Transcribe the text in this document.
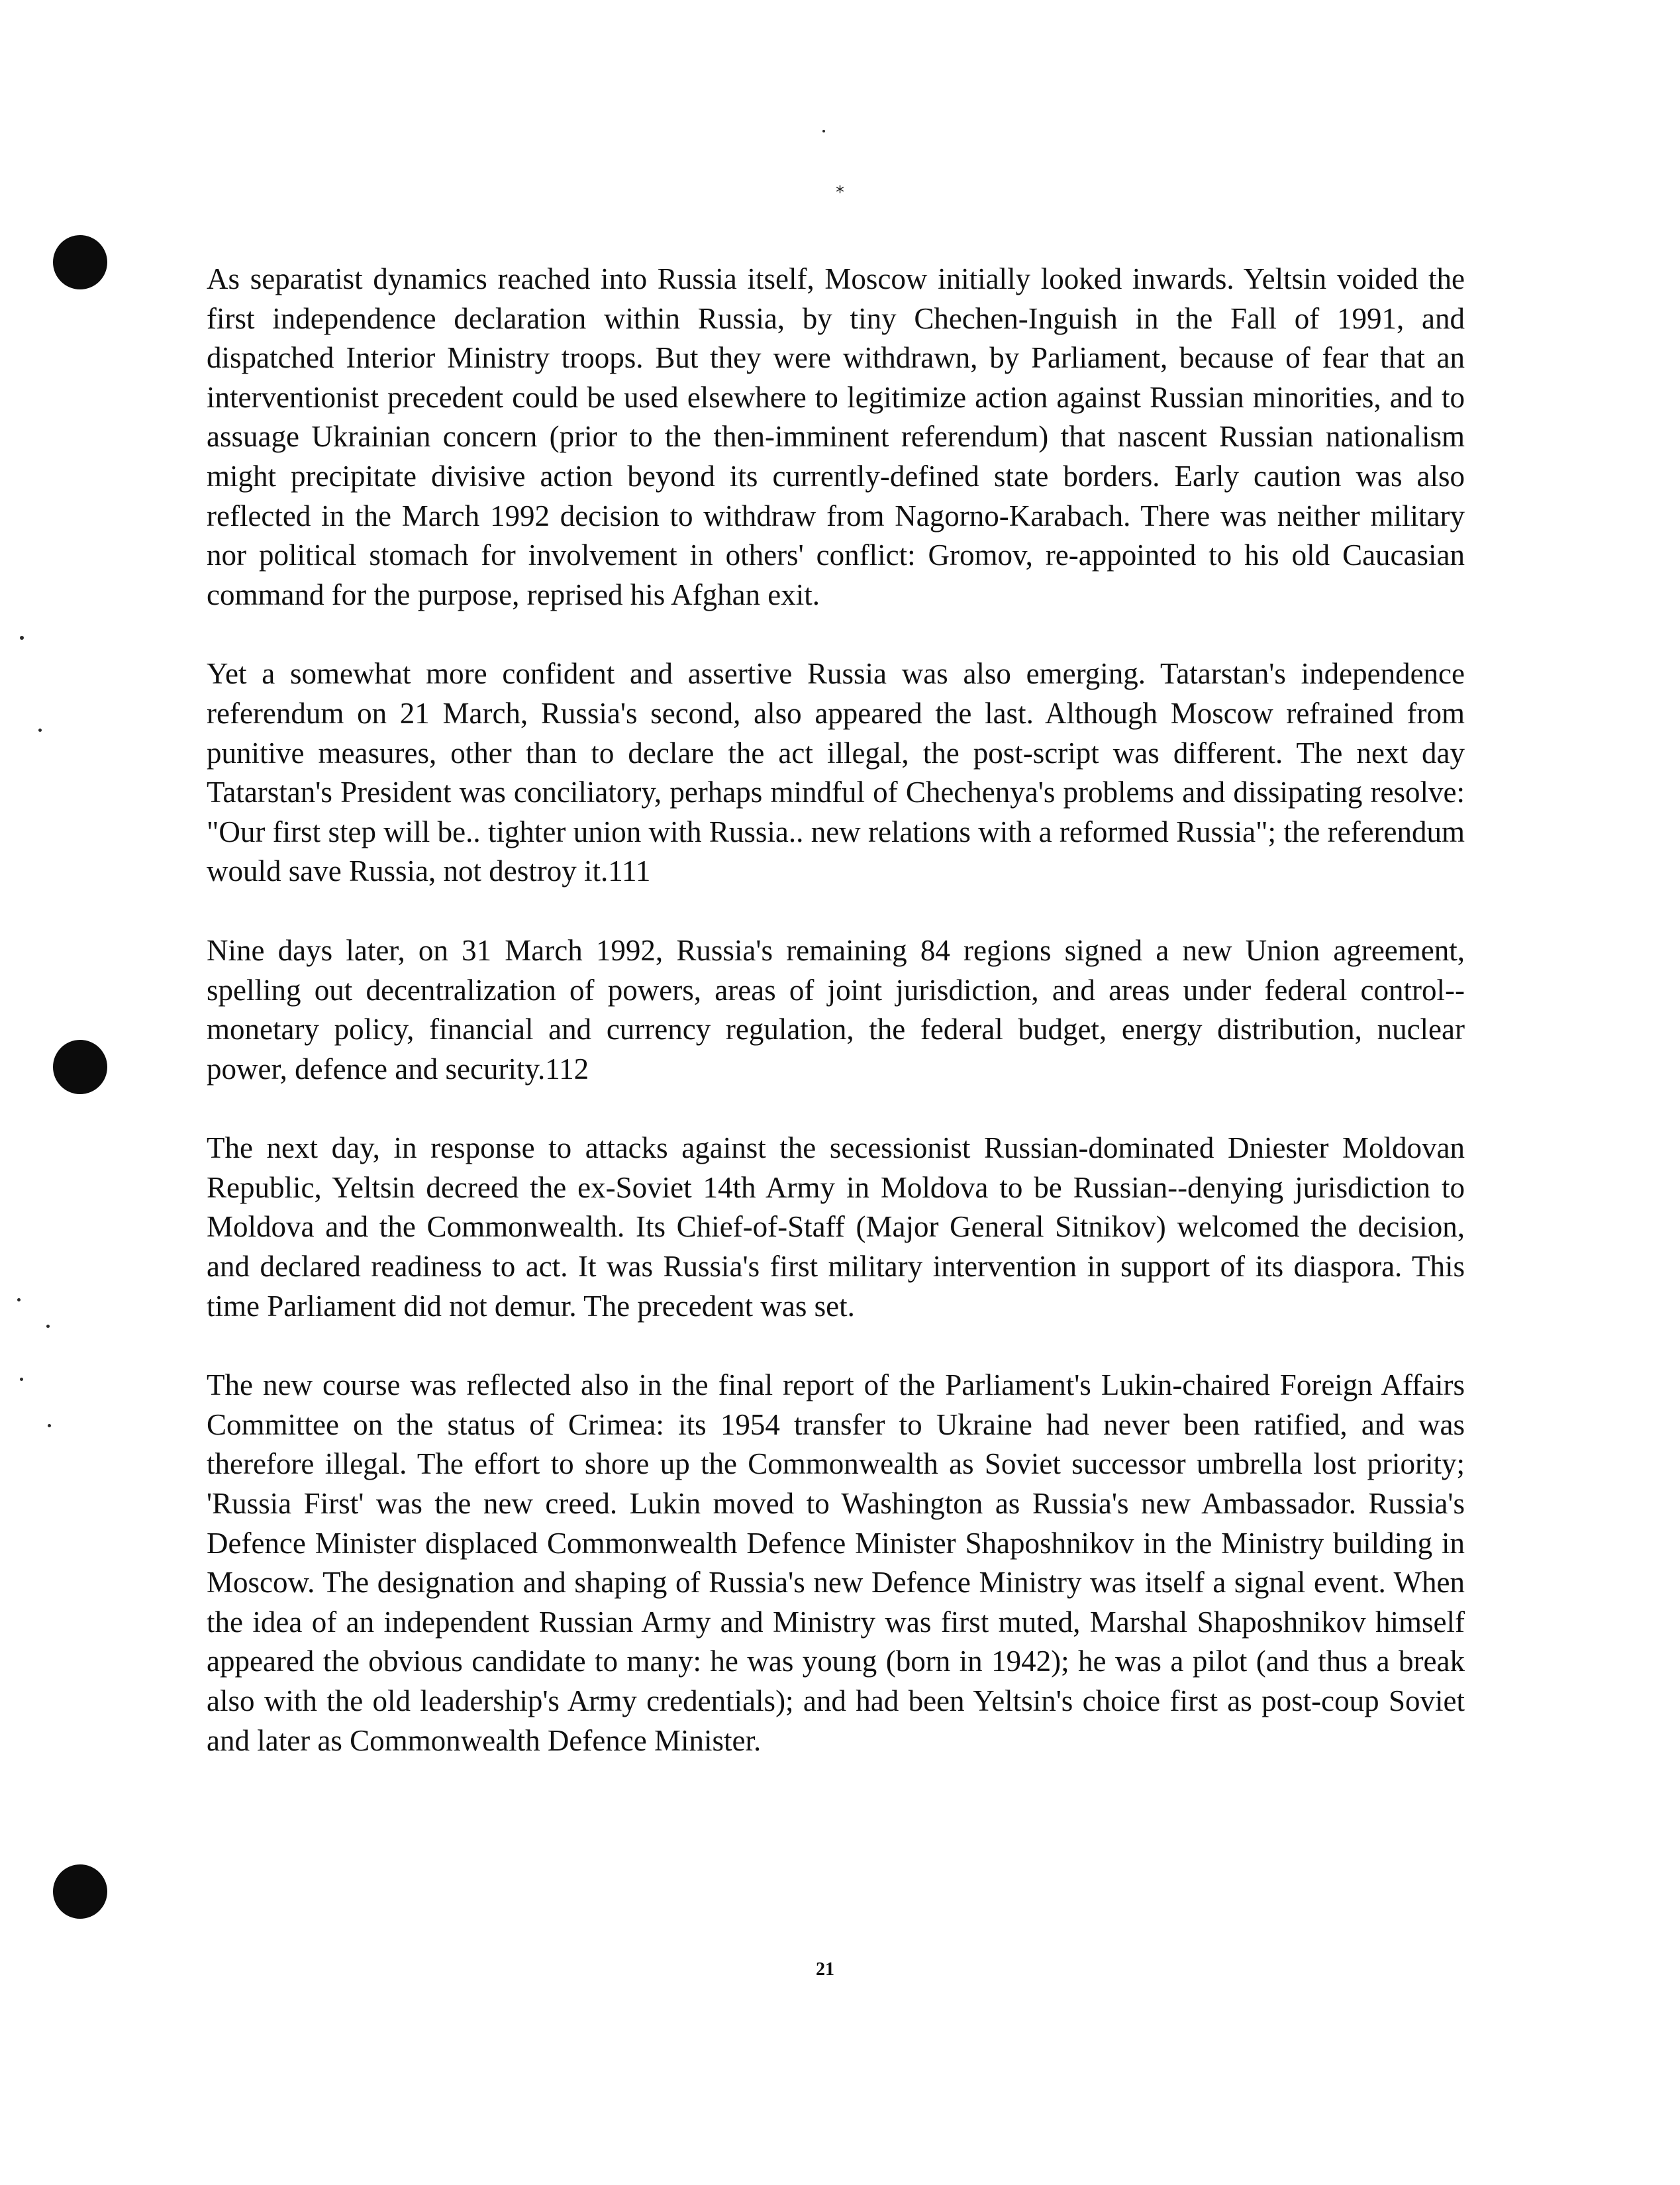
*

As separatist dynamics reached into Russia itself, Moscow initially looked inwards. Yeltsin voided the first independence declaration within Russia, by tiny Chechen-Inguish in the Fall of 1991, and dispatched Interior Ministry troops. But they were withdrawn, by Parliament, because of fear that an interventionist precedent could be used elsewhere to legitimize action against Russian minorities, and to assuage Ukrainian concern (prior to the then-imminent referendum) that nascent Russian nationalism might precipitate divisive action beyond its currently-defined state borders. Early caution was also reflected in the March 1992 decision to withdraw from Nagorno-Karabach. There was neither military nor political stomach for involvement in others' conflict: Gromov, re-appointed to his old Caucasian command for the purpose, reprised his Afghan exit.

Yet a somewhat more confident and assertive Russia was also emerging. Tatarstan's independence referendum on 21 March, Russia's second, also appeared the last. Although Moscow refrained from punitive measures, other than to declare the act illegal, the post-script was different. The next day Tatarstan's President was conciliatory, perhaps mindful of Chechenya's problems and dissipating resolve: "Our first step will be.. tighter union with Russia.. new relations with a reformed Russia"; the referendum would save Russia, not destroy it.111

Nine days later, on 31 March 1992, Russia's remaining 84 regions signed a new Union agreement, spelling out decentralization of powers, areas of joint jurisdiction, and areas under federal control--monetary policy, financial and currency regulation, the federal budget, energy distribution, nuclear power, defence and security.112

The next day, in response to attacks against the secessionist Russian-dominated Dniester Moldovan Republic, Yeltsin decreed the ex-Soviet 14th Army in Moldova to be Russian--denying jurisdiction to Moldova and the Commonwealth. Its Chief-of-Staff (Major General Sitnikov) welcomed the decision, and declared readiness to act. It was Russia's first military intervention in support of its diaspora. This time Parliament did not demur. The precedent was set.

The new course was reflected also in the final report of the Parliament's Lukin-chaired Foreign Affairs Committee on the status of Crimea: its 1954 transfer to Ukraine had never been ratified, and was therefore illegal. The effort to shore up the Commonwealth as Soviet successor umbrella lost priority; 'Russia First' was the new creed. Lukin moved to Washington as Russia's new Ambassador. Russia's Defence Minister displaced Commonwealth Defence Minister Shaposhnikov in the Ministry building in Moscow. The designation and shaping of Russia's new Defence Ministry was itself a signal event. When the idea of an independent Russian Army and Ministry was first muted, Marshal Shaposhnikov himself appeared the obvious candidate to many: he was young (born in 1942); he was a pilot (and thus a break also with the old leadership's Army credentials); and had been Yeltsin's choice first as post-coup Soviet and later as Commonwealth Defence Minister.

21
